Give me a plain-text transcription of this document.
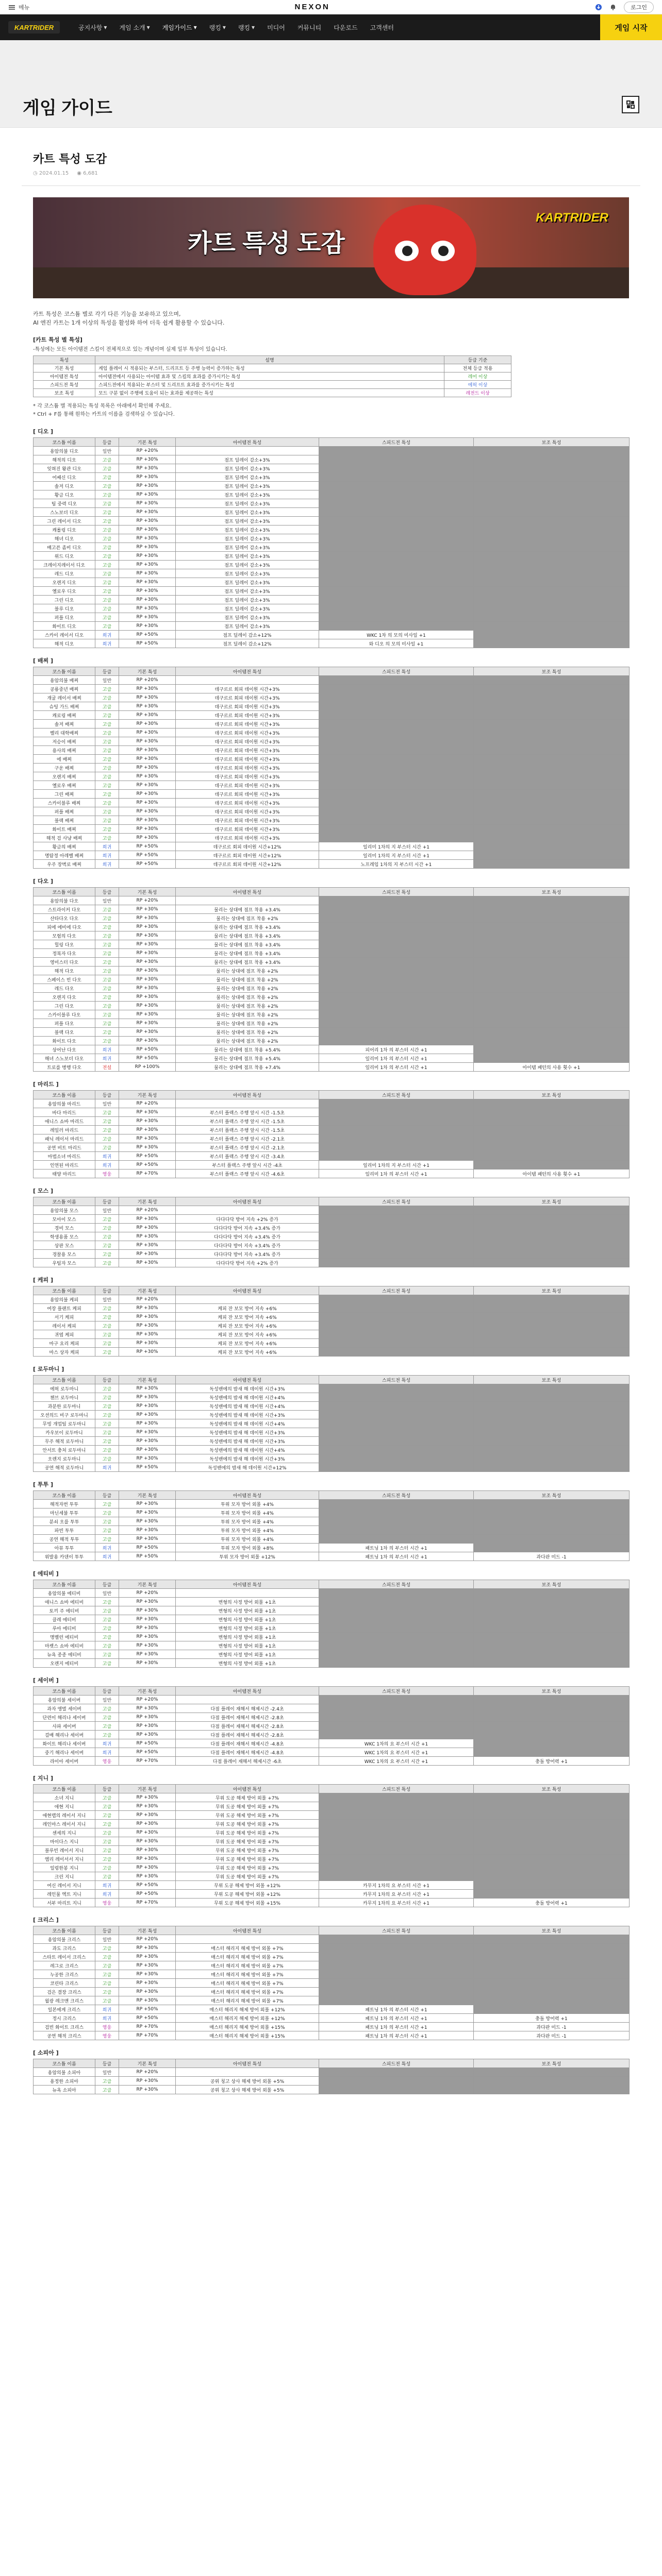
메뉴	NEXON	로그인
KARTRIDER	공지사항 ▾ 게임 소개 ▾ 게임가이드 ▾ 랭킹 ▾ 랭킹 ▾ 미디어 커뮤니티 다운로드 고객센터	게임 시작
게임 가이드
카트 특성 도감
◷ 2024.01.15 ◉ 6,681
카트 특성 도감
KARTRIDER
카트 특성은 코스튬 별로 각기 다른 기능을 보유하고 있으며,
AI 엔진 카트는 1개 이상의 특성을 활성화 하여 더욱 쉽게 활용할 수 있습니다.
[카트 특성 별 특성]
-특성에는 모든 아이템전 스킬이 전체적으로 있는 개념이며 실제 일부 특성이 있습니다.
특성	설명	등급 기준
기본 특성	게임 플레이 시 적용되는 부스터, 드리프트 등 주행 능력이 증가하는 특성	전체 등급 적용
아이템전 특성	아이템전에서 사용되는 아이템 효과 및 스킬의 효과를 증가시키는 특성	레어 이상
스피드전 특성	스피드전에서 적용되는 부스터 및 드리프트 효과를 증가시키는 특성	에픽 이상
보조 특성	모드 구분 없이 주행에 도움이 되는 효과를 제공하는 특성	레전드 이상
* 각 코스튬 별 적용되는 특성 목록은 아래에서 확인해 주세요.
* Ctrl + F를 통해 원하는 카트의 이름을 검색하실 수 있습니다.
[ 디오 ]
코스튬 이름	등급	기본 특성	아이템전 특성	스피드전 특성	보조 특성
용암의불 디오	일반	RP +20%			
해적의 디오	고급	RP +30%	점프 딜레이 감소+3%		
잊혀진 왕관 디오	고급	RP +30%	점프 딜레이 감소+3%		
어쌔신 디오	고급	RP +30%	점프 딜레이 감소+3%		
솔저 디오	고급	RP +30%	점프 딜레이 감소+3%		
황금 디오	고급	RP +30%	점프 딜레이 감소+3%		
팀 중력 디오	고급	RP +30%	점프 딜레이 감소+3%		
스노보더 디오	고급	RP +30%	점프 딜레이 감소+3%		
그린 레이서 디오	고급	RP +30%	점프 딜레이 감소+3%		
캐롤링 디오	고급	RP +30%	점프 딜레이 감소+3%		
해녀 디오	고급	RP +30%	점프 딜레이 감소+3%		
배고픈 좀비 디오	고급	RP +30%	점프 딜레이 감소+3%		
위드 디오	고급	RP +30%	점프 딜레이 감소+3%		
크레이지레이서 디오	고급	RP +30%	점프 딜레이 감소+3%		
레드 디오	고급	RP +30%	점프 딜레이 감소+3%		
오렌지 디오	고급	RP +30%	점프 딜레이 감소+3%		
옐로우 디오	고급	RP +30%	점프 딜레이 감소+3%		
그린 디오	고급	RP +30%	점프 딜레이 감소+3%		
블루 디오	고급	RP +30%	점프 딜레이 감소+3%		
퍼플 디오	고급	RP +30%	점프 딜레이 감소+3%		
화이트 디오	고급	RP +30%	점프 딜레이 감소+3%		
스카이 레이서 디오	희귀	RP +50%	점프 딜레이 감소+12%	WKC 1차 의 모의 미사일 +1	
해적 디오	희귀	RP +50%	점프 딜레이 감소+12%	와 디오 의 모의 미사일 +1	
[ 배찌 ]
코스튬 이름	등급	기본 특성	아이템전 특성	스피드전 특성	보조 특성
용암의불 배찌	일반	RP +20%			
공룡중년 배찌	고급	RP +30%	데구르르 회피 데이원 시간+3%		
개굴 레이서 배찌	고급	RP +30%	데구르르 회피 데이원 시간+3%		
슈팅 가드 배찌	고급	RP +30%	데구르르 회피 데이원 시간+3%		
캐로링 배찌	고급	RP +30%	데구르르 회피 데이원 시간+3%		
솔저 배찌	고급	RP +30%	데구르르 회피 데이원 시간+3%		
벨리 대학배찌	고급	RP +30%	데구르르 회피 데이원 시간+3%		
저승이 배찌	고급	RP +30%	데구르르 회피 데이원 시간+3%		
용사의 배찌	고급	RP +30%	데구르르 회피 데이원 시간+3%		
에 배찌	고급	RP +30%	데구르르 회피 데이원 시간+3%		
구운 배찌	고급	RP +30%	데구르르 회피 데이원 시간+3%		
오렌지 배찌	고급	RP +30%	데구르르 회피 데이원 시간+3%		
옐로우 배찌	고급	RP +30%	데구르르 회피 데이원 시간+3%		
그린 배찌	고급	RP +30%	데구르르 회피 데이원 시간+3%		
스카이블루 배찌	고급	RP +30%	데구르르 회피 데이원 시간+3%		
퍼플 배찌	고급	RP +30%	데구르르 회피 데이원 시간+3%		
블랙 배찌	고급	RP +30%	데구르르 회피 데이원 시간+3%		
화이트 배찌	고급	RP +30%	데구르르 회피 데이원 시간+3%		
해적 검 사냥 배찌	고급	RP +30%	데구르르 회피 데이원 시간+3%		
황금의 배찌	희귀	RP +50%	데구르르 회피 데이원 시간+12%	일리미 1차의 지 부스터 시간 +1	
명탐정 아레벨 배찌	희귀	RP +50%	데구르르 회피 데이원 시간+12%	일리미 1차의 지 부스터 시간 +1	
우주 장벽로 배찌	희귀	RP +50%	데구르르 회피 데이원 시간+12%	노프레임 1차의 지 부스터 시간 +1	
[ 다오 ]
코스튬 이름	등급	기본 특성	아이템전 특성	스피드전 특성	보조 특성
용암의불 다오	일반	RP +20%			
스트라이커 다오	고급	RP +30%	물리는 상대에 점프 착용 +3.4%		
산타다오 다오	고급	RP +30%	물리는 상대에 점프 착용 +2%		
피에 에비에 다오	고급	RP +30%	물리는 상대에 점프 착용 +3.4%		
모험의 다오	고급	RP +30%	물리는 상대에 점프 착용 +3.4%		
힐링 다오	고급	RP +30%	물리는 상대에 점프 착용 +3.4%		
정복자 다오	고급	RP +30%	물리는 상대에 점프 착용 +3.4%		
영미스터 다오	고급	RP +30%	물리는 상대에 점프 착용 +3.4%		
해적 다오	고급	RP +30%	물리는 상대에 점프 착용 +2%		
스페이스 빈 다오	고급	RP +30%	물리는 상대에 점프 착용 +2%		
레드 다오	고급	RP +30%	물리는 상대에 점프 착용 +2%		
오렌지 다오	고급	RP +30%	물리는 상대에 점프 착용 +2%		
그린 다오	고급	RP +30%	물리는 상대에 점프 착용 +2%		
스카이블루 다오	고급	RP +30%	물리는 상대에 점프 착용 +2%		
퍼플 다오	고급	RP +30%	물리는 상대에 점프 착용 +2%		
블랙 다오	고급	RP +30%	물리는 상대에 점프 착용 +2%		
화이트 다오	고급	RP +30%	물리는 상대에 점프 착용 +2%		
상어난 다오	희귀	RP +50%	물리는 상대에 점프 착용 +5.4%	피어리 1차 의 부스터 시간 +1	
해녀 스노보더 다오	희귀	RP +50%	물리는 상대에 점프 착용 +5.4%	일리미 1차 의 부스터 시간 +1	
트로를 병행 다오	전설	RP +100%	물리는 상대에 점프 착용 +7.4%	일리미 1차 의 부스터 시간 +1	아이템 패턴의 사용 횟수 +1
[ 마리드 ]
코스튬 이름	등급	기본 특성	아이템전 특성	스피드전 특성	보조 특성
용암의불 마리드	일반	RP +20%			
바다 마리드	고급	RP +30%	부스터 플랙스 주행 앞시 시간 -1.5초		
애니스 쇼바 마리드	고급	RP +30%	부스터 플랙스 주행 앞시 시간 -1.5초		
레일러 마리드	고급	RP +30%	부스터 플랙스 주행 앞시 시간 -1.5초		
패닉 레이서 마리드	고급	RP +30%	부스터 플랙스 주행 앞시 시간 -2.1초		
공연 비트 마리드	고급	RP +30%	부스터 플랙스 주행 앞시 시간 -2.1초		
마법소녀 마리드	희귀	RP +50%	부스터 플랙스 주행 앞시 시간 -3.4초		
인연된 마리드	희귀	RP +50%	부스터 플랙스 주행 앞시 시간 -4초	일리미 1차의 지 부스터 시간 +1	
태양 마리드	영웅	RP +70%	부스터 플랙스 주행 앞시 시간 -4.6초	일리미 1차 의 부스터 시간 +1	아이템 패턴의 사용 횟수 +1
[ 모스 ]
코스튬 이름	등급	기본 특성	아이템전 특성	스피드전 특성	보조 특성
용암의불 모스	일반	RP +20%			
모아이 모스	고급	RP +30%	다다다닥 방어 지속 +2% 증가		
경비 모스	고급	RP +30%	다다다닥 방어 지속 +3.4% 증가		
학생용품 모스	고급	RP +30%	다다다닥 방어 지속 +3.4% 증가		
상판 모스	고급	RP +30%	다다다닥 방어 지속 +3.4% 증가		
경찰용 모스	고급	RP +30%	다다다닥 방어 지속 +3.4% 증가		
우팀자 모스	고급	RP +30%	다다다닥 방어 지속 +2% 증가		
[ 케피 ]
코스튬 이름	등급	기본 특성	아이템전 특성	스피드전 특성	보조 특성
용암의불 케피	일반	RP +20%			
여장 플랜트 케피	고급	RP +30%	케피 잔 보모 방어 지속 +6%		
서기 케피	고급	RP +30%	케피 잔 보모 방어 지속 +6%		
레이서 케피	고급	RP +30%	케피 잔 보모 방어 지속 +6%		
귀엽 케피	고급	RP +30%	케피 잔 보모 방어 지속 +6%		
마구 요리 케피	고급	RP +30%	케피 잔 보모 방어 지속 +6%		
마스 상자 케피	고급	RP +30%	케피 잔 보모 방어 지속 +6%		
[ 로두마니 ]
코스튬 이름	등급	기본 특성	아이템전 특성	스피드전 특성	보조 특성
에픽 로두마니	고급	RP +30%	독성밴에의 밤새 해 데이원 시간+3%		
챈브 로두마니	고급	RP +30%	독성밴에의 밤새 해 데이원 시간+4%		
과분한 로두마니	고급	RP +30%	독성밴에의 밤새 해 데이원 시간+4%		
오션의드 비구 로두마니	고급	RP +30%	독성밴에의 밤새 해 데이원 시간+3%		
무빙 개업팀 로두마니	고급	RP +30%	독성밴에의 밤새 해 데이원 시간+4%		
카우보이 로두마니	고급	RP +30%	독성밴에의 밤새 해 데이원 시간+3%		
무주 해적 로두마니	고급	RP +30%	독성밴에의 밤새 해 데이원 시간+3%		
안서트 충처 로두마니	고급	RP +30%	독성밴에의 밤새 해 데이원 시간+4%		
오렌지 로두마니	고급	RP +30%	독성밴에의 밤새 해 데이원 시간+3%		
공연 해적 로두마니	희귀	RP +50%	독성밴에의 밤새 해 데이원 시간+12%		
[ 투투 ]
코스튬 이름	등급	기본 특성	아이템전 특성	스피드전 특성	보조 특성
해적자번 투투	고급	RP +30%	투위 모자 방어 외몰 +4%		
마닌세불 투투	고급	RP +30%	투위 모자 방어 외몰 +4%		
분쇠 오를 투투	고급	RP +30%	투위 모자 방어 외몰 +4%		
파빈 투투	고급	RP +30%	투위 모자 방어 외몰 +4%		
공연 해적 투투	고급	RP +30%	투위 모자 방어 외몰 +4%		
아뮤 투투	희귀	RP +50%	투위 모자 방어 외몰 +8%	패트닝 1차 의 부스터 시간 +1	
위발용 카덴이 투투	희귀	RP +50%	투위 모자 방어 외몰 +12%	패트닝 1차 의 부스터 시간 +1	과다판 미드 -1
[ 에티비 ]
코스튬 이름	등급	기본 특성	아이템전 특성	스피드전 특성	보조 특성
용암의불 에티비	일반	RP +20%			
애니스 쇼바 에티비	고급	RP +30%	변형의 사정 방어 외몰 +1초		
토끼 주 에티비	고급	RP +30%	변형의 사정 방어 외몰 +1초		
클레 에티비	고급	RP +30%	변형의 사정 방어 외몰 +1초		
루아 에티비	고급	RP +30%	변형의 사정 방어 외몰 +1초		
명벨런 에티비	고급	RP +30%	변형의 사정 방어 외몰 +1초		
마켓스 쇼바 에티비	고급	RP +30%	변형의 사정 방어 외몰 +1초		
뉴욕 종종 에티비	고급	RP +30%	변형의 사정 방어 외몰 +1초		
오렌지 에티비	고급	RP +30%	변형의 사정 방어 외몰 +1초		
[ 세이버 ]
코스튬 이름	등급	기본 특성	아이템전 특성	스피드전 특성	보조 특성
용암의불 세이버	일반	RP +20%			
과자 앵벌 세이버	고급	RP +30%	다점 플레이 재해서 해제시간 -2.4초		
단련이 해리나 세이버	고급	RP +30%	다점 플레이 재해서 해제시간 -2.8초		
사파 세이버	고급	RP +30%	다점 플레이 재해서 해제시간 -2.8초		
걸배 해리나 세이버	고급	RP +30%	다점 플레이 재해서 해제시간 -2.8초		
화이트 해리나 세이버	희귀	RP +50%	다점 플레이 재해서 해제시간 -4.8초	WKC 1차의 요 부스터 시간 +1	
중기 해리나 세이버	희귀	RP +50%	다점 플레이 재해서 해제시간 -4.8초	WKC 1차의 요 부스터 시간 +1	
라이아 세이버	영웅	RP +70%	다점 플레이 재해서 해제시간 -6초	WKC 1차의 요 부스터 시간 +1	충돌 방어력 +1
[ 지니 ]
코스튬 이름	등급	기본 특성	아이템전 특성	스피드전 특성	보조 특성
소녀 지니	고급	RP +30%	무위 도공 해제 방어 외몰 +7%		
애현 지니	고급	RP +30%	무위 도공 해제 방어 외몰 +7%		
애현랩의 레이서 지니	고급	RP +30%	무위 도공 해제 방어 외몰 +7%		
레인마스 레이서 지니	고급	RP +30%	무위 도공 해제 방어 외몰 +7%		
센세의 지니	고급	RP +30%	무위 도공 해제 방어 외몰 +7%		
마이다스 지니	고급	RP +30%	무위 도공 해제 방어 외몰 +7%		
블루빈 레이서 지니	고급	RP +30%	무위 도공 해제 방어 외몰 +7%		
엠리 레이서서 지니	고급	RP +30%	무위 도공 해제 방어 외몰 +7%		
일렁한봉 지니	고급	RP +30%	무위 도공 해제 방어 외몰 +7%		
크린 지니	고급	RP +30%	무위 도공 해제 방어 외몰 +7%		
여신 레이서 지니	희귀	RP +50%	무위 도공 해제 방어 외몰 +12%	카무지 1차의 요 부스터 시간 +1	
레인물 엑트 지니	희귀	RP +50%	무위 도공 해제 방어 외몰 +12%	카무지 1차의 요 부스터 시간 +1	
서부 마리트 지니	영웅	RP +70%	무위 도공 해제 방어 외몰 +15%	카무지 1차의 요 부스터 시간 +1	충돌 방어력 +1
[ 크리스 ]
코스튬 이름	등급	기본 특성	아이템전 특성	스피드전 특성	보조 특성
용암의불 크리스	일반	RP +20%			
과도 크리스	고급	RP +30%	매스터 해리지 해제 방어 외몰 +7%		
스타트 레이서 크리스	고급	RP +30%	매스터 해리지 해제 방어 외몰 +7%		
레그로 크리스	고급	RP +30%	매스터 해리지 해제 방어 외몰 +7%		
누공한 크리스	고급	RP +30%	매스터 해리지 해제 방어 외몰 +7%		
코린타 크리스	고급	RP +30%	매스터 해리지 해제 방어 외몰 +7%		
검은 결장 크리스	고급	RP +30%	매스터 해리지 해제 방어 외몰 +7%		
월광 레크맨 크리스	고급	RP +30%	매스터 해리지 해제 방어 외몰 +7%		
일본에게 크리스	희귀	RP +50%	매스터 해리지 해제 방어 외몰 +12%	패트닝 1차 의 부스터 시간 +1	
정시 크리스	희귀	RP +50%	매스터 해리지 해제 방어 외몰 +12%	패트닝 1차 의 부스터 시간 +1	충돌 방어력 +1
검빈 화이트 크리스	영웅	RP +70%	매스터 해리지 해제 방어 외몰 +15%	패트닝 1차 의 부스터 시간 +1	과다판 미드 -1
공연 해적 크리스	영웅	RP +70%	매스터 해리지 해제 방어 외몰 +15%	패트닝 1차 의 부스터 시간 +1	과다판 미드 -1
[ 소피아 ]
코스튬 이름	등급	기본 특성	아이템전 특성	스피드전 특성	보조 특성
용암의불 소피아	일반	RP +20%			
용정한 소피아	고급	RP +30%	공위 칭고 상사 해제 방어 외몰 +5%		
뉴욕 소피아	고급	RP +30%	공위 칭고 상사 해제 방어 외몰 +5%		
